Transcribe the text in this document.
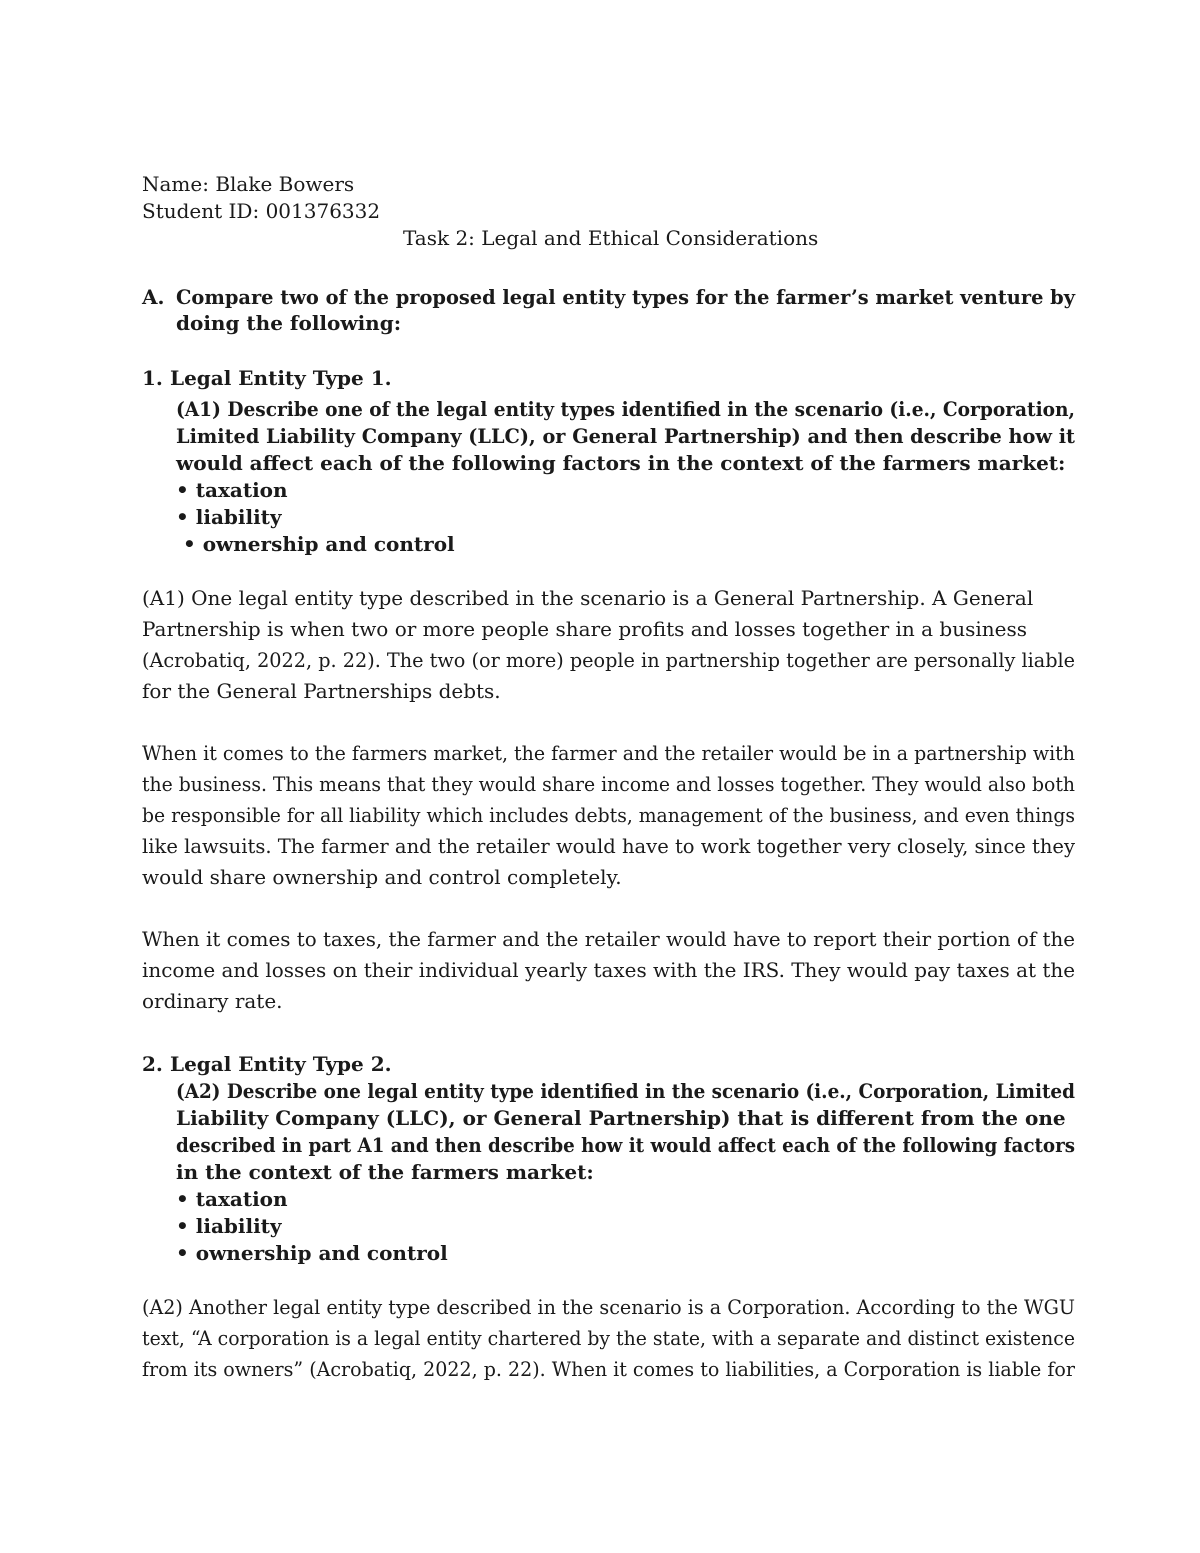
Name: Blake Bowers
Student ID: 001376332
Task 2: Legal and Ethical Considerations
A. Compare two of the proposed legal entity types for the farmer’s market venture by
doing the following:
1. Legal Entity Type 1.
(A1) Describe one of the legal entity types identified in the scenario (i.e., Corporation,
Limited Liability Company (LLC), or General Partnership) and then describe how it
would affect each of the following factors in the context of the farmers market:
• taxation
• liability
• ownership and control
(A1) One legal entity type described in the scenario is a General Partnership. A General
Partnership is when two or more people share profits and losses together in a business
(Acrobatiq, 2022, p. 22). The two (or more) people in partnership together are personally liable
for the General Partnerships debts.
When it comes to the farmers market, the farmer and the retailer would be in a partnership with
the business. This means that they would share income and losses together. They would also both
be responsible for all liability which includes debts, management of the business, and even things
like lawsuits. The farmer and the retailer would have to work together very closely, since they
would share ownership and control completely.
When it comes to taxes, the farmer and the retailer would have to report their portion of the
income and losses on their individual yearly taxes with the IRS. They would pay taxes at the
ordinary rate.
2. Legal Entity Type 2.
(A2) Describe one legal entity type identified in the scenario (i.e., Corporation, Limited
Liability Company (LLC), or General Partnership) that is different from the one
described in part A1 and then describe how it would affect each of the following factors
in the context of the farmers market:
• taxation
• liability
• ownership and control
(A2) Another legal entity type described in the scenario is a Corporation. According to the WGU
text, “A corporation is a legal entity chartered by the state, with a separate and distinct existence
from its owners” (Acrobatiq, 2022, p. 22). When it comes to liabilities, a Corporation is liable for
